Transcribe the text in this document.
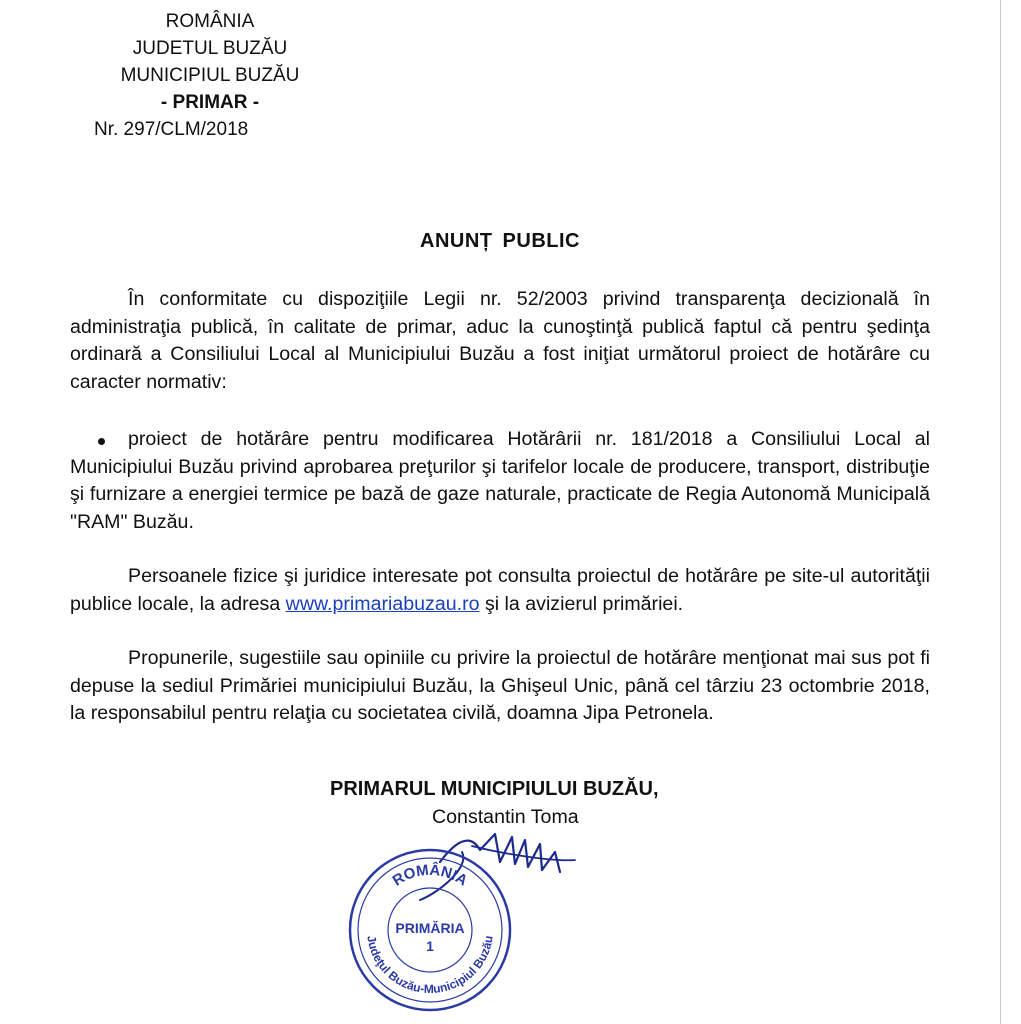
ROMÂNIA
JUDETUL BUZĂU
MUNICIPIUL BUZĂU
- PRIMAR -
Nr. 297/CLM/2018
ANUNȚ PUBLIC
În conformitate cu dispoziţiile Legii nr. 52/2003 privind transparenţa decizională în administraţia publică, în calitate de primar, aduc la cunoştinţă publică faptul că pentru şedinţa ordinară a Consiliului Local al Municipiului Buzău a fost iniţiat următorul proiect de hotărâre cu caracter normativ:
proiect de hotărâre pentru modificarea Hotărârii nr. 181/2018 a Consiliului Local al Municipiului Buzău privind aprobarea preţurilor şi tarifelor locale de producere, transport, distribuţie şi furnizare a energiei termice pe bază de gaze naturale, practicate de Regia Autonomă Municipală "RAM" Buzău.
Persoanele fizice şi juridice interesate pot consulta proiectul de hotărâre pe site-ul autorităţii publice locale, la adresa www.primariabuzau.ro şi la avizierul primăriei.
Propunerile, sugestiile sau opiniile cu privire la proiectul de hotărâre menţionat mai sus pot fi depuse la sediul Primăriei municipiului Buzău, la Ghişeul Unic, până cel târziu 23 octombrie 2018, la responsabilul pentru relaţia cu societatea civilă, doamna Jipa Petronela.
PRIMARUL MUNICIPIULUI BUZĂU,
Constantin Toma
ROMÂNIA
Judeţul Buzău-Municipiul Buzău
PRIMĂRIA
1
